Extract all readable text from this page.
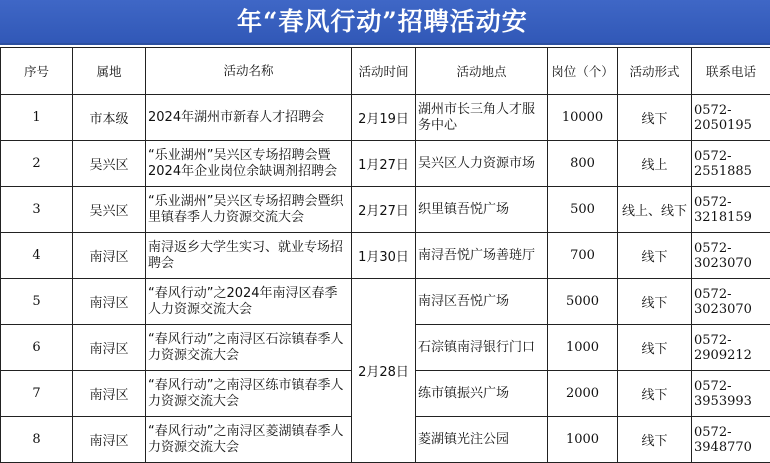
年“春风行动”招聘活动安
序号	属地	活动名称	活动时间	活动地点	岗位（个）	活动形式	联系电话
1	市本级	2024年湖州市新春人才招聘会	2月19日	湖州市长三角人才服务中心	10000	线下	0572-2050195
2	吴兴区	“乐业湖州”吴兴区专场招聘会暨2024年企业岗位余缺调剂招聘会	1月27日	吴兴区人力资源市场	800	线上	0572-2551885
3	吴兴区	“乐业湖州”吴兴区专场招聘会暨织里镇春季人力资源交流大会	2月27日	织里镇吾悦广场	500	线上、线下	0572-3218159
4	南浔区	南浔返乡大学生实习、就业专场招聘会	1月30日	南浔吾悦广场善琏厅	700	线下	0572-3023070
5	南浔区	“春风行动”之2024年南浔区春季人力资源交流大会	2月28日	南浔区吾悦广场	5000	线下	0572-3023070
6	南浔区	“春风行动”之南浔区石淙镇春季人力资源交流大会		石淙镇南浔银行门口	1000	线下	0572-2909212
7	南浔区	“春风行动”之南浔区练市镇春季人力资源交流大会		练市镇振兴广场	2000	线下	0572-3953993
8	南浔区	“春风行动”之南浔区菱湖镇春季人力资源交流大会		菱湖镇光注公园	1000	线下	0572-3948770
